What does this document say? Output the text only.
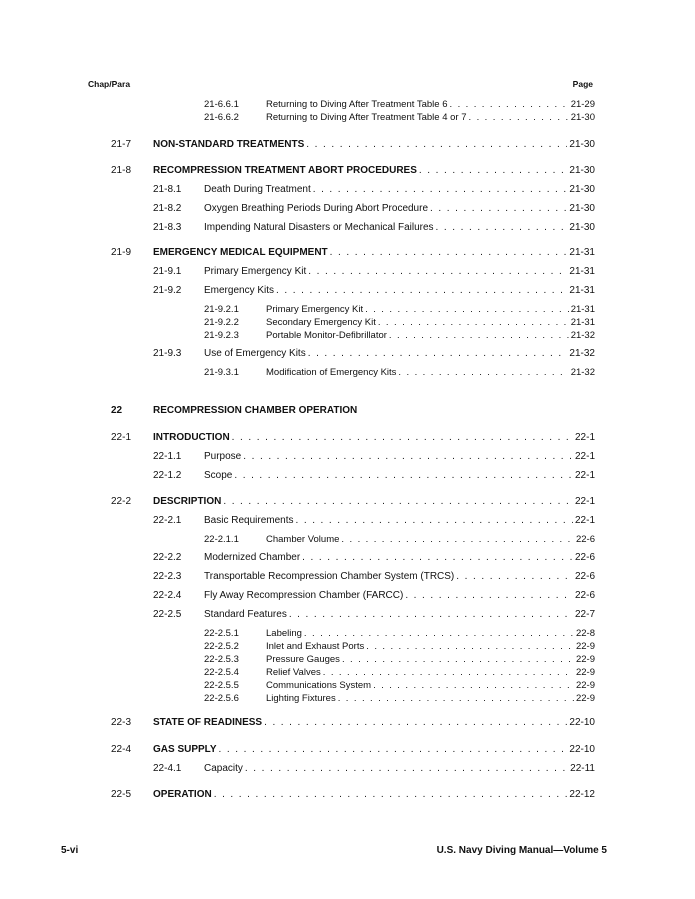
Chap/Para	Page
21-6.6.1	Returning to Diving After Treatment Table 6 . . .	21-29
21-6.6.2	Returning to Diving After Treatment Table 4 or 7 . . .	21-30
21-7	NON-STANDARD TREATMENTS . . .	21-30
21-8	RECOMPRESSION TREATMENT ABORT PROCEDURES . . .	21-30
21-8.1	Death During Treatment . . .	21-30
21-8.2	Oxygen Breathing Periods During Abort Procedure . . .	21-30
21-8.3	Impending Natural Disasters or Mechanical Failures . . .	21-30
21-9	EMERGENCY MEDICAL EQUIPMENT . . .	21-31
21-9.1	Primary Emergency Kit . . .	21-31
21-9.2	Emergency Kits . . .	21-31
21-9.2.1	Primary Emergency Kit . . .	21-31
21-9.2.2	Secondary Emergency Kit . . .	21-31
21-9.2.3	Portable Monitor-Defibrillator . . .	21-32
21-9.3	Use of Emergency Kits . . .	21-32
21-9.3.1	Modification of Emergency Kits . . .	21-32
22	RECOMPRESSION CHAMBER OPERATION
22-1	INTRODUCTION . . .	22-1
22-1.1	Purpose . . .	22-1
22-1.2	Scope . . .	22-1
22-2	DESCRIPTION . . .	22-1
22-2.1	Basic Requirements . . .	22-1
22-2.1.1	Chamber Volume . . .	22-6
22-2.2	Modernized Chamber . . .	22-6
22-2.3	Transportable Recompression Chamber System (TRCS) . . .	22-6
22-2.4	Fly Away Recompression Chamber (FARCC) . . .	22-6
22-2.5	Standard Features . . .	22-7
22-2.5.1	Labeling . . .	22-8
22-2.5.2	Inlet and Exhaust Ports . . .	22-9
22-2.5.3	Pressure Gauges . . .	22-9
22-2.5.4	Relief Valves . . .	22-9
22-2.5.5	Communications System . . .	22-9
22-2.5.6	Lighting Fixtures . . .	22-9
22-3	STATE OF READINESS . . .	22-10
22-4	GAS SUPPLY . . .	22-10
22-4.1	Capacity . . .	22-11
22-5	OPERATION . . .	22-12
5-vi	U.S. Navy Diving Manual—Volume 5
